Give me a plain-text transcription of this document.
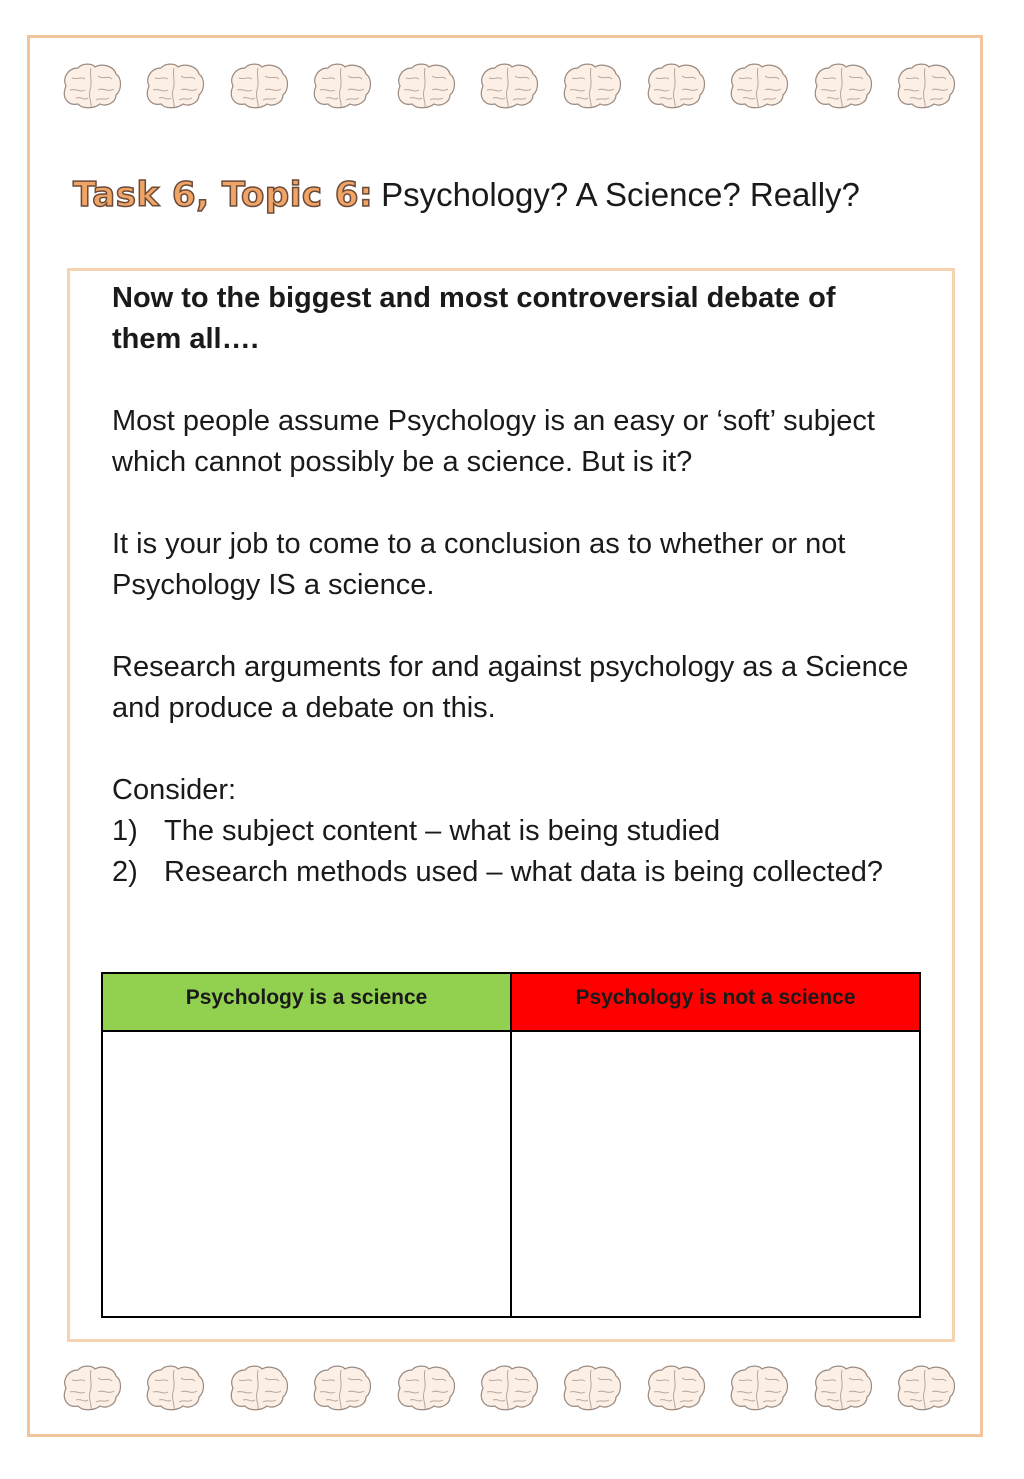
Task 6, Topic 6: Psychology? A Science? Really?

Now to the biggest and most controversial debate of them all….

Most people assume Psychology is an easy or ‘soft’ subject which cannot possibly be a science. But is it?

It is your job to come to a conclusion as to whether or not Psychology IS a science.

Research arguments for and against psychology as a Science and produce a debate on this.

Consider:

1) The subject content – what is being studied
2) Research methods used – what data is being collected?
Psychology is a science	Psychology is not a science
